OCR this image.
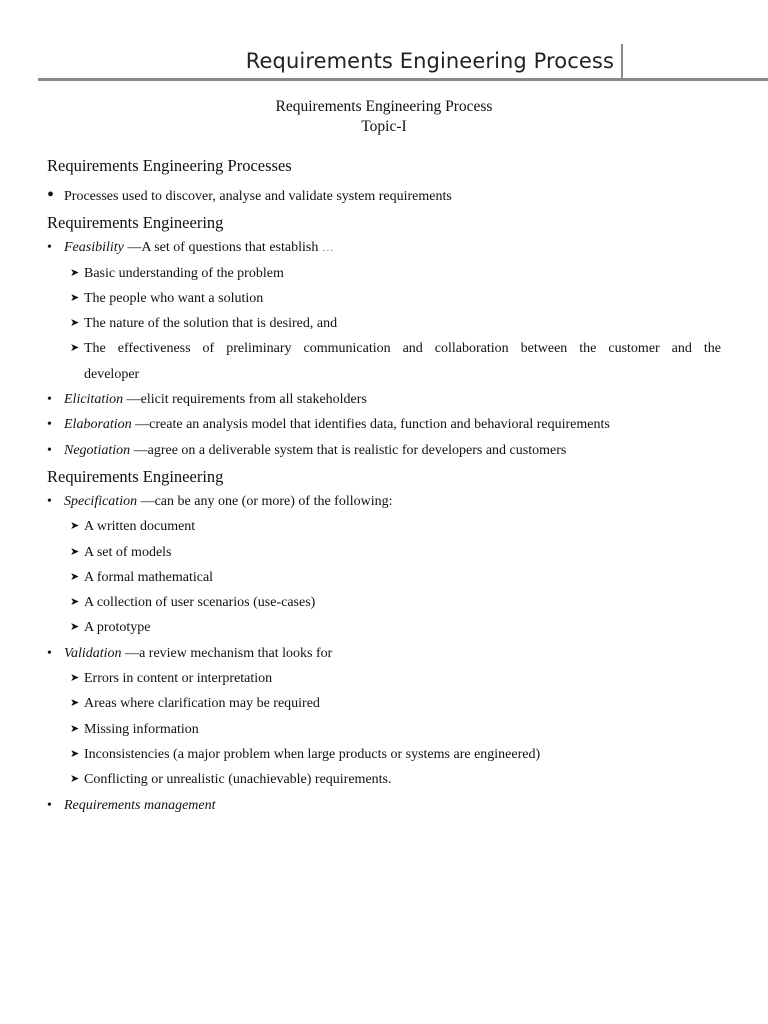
Requirements Engineering Process
Requirements Engineering Process
Topic-I
Requirements Engineering Processes
• Processes used to discover, analyse and validate system requirements
Requirements Engineering
• Feasibility —A set of questions that establish …
➤ Basic understanding of the problem
➤ The people who want a solution
➤ The nature of the solution that is desired, and
➤ The effectiveness of preliminary communication and collaboration between the customer and the
developer
• Elicitation —elicit requirements from all stakeholders
• Elaboration —create an analysis model that identifies data, function and behavioral requirements
• Negotiation —agree on a deliverable system that is realistic for developers and customers
Requirements Engineering
• Specification —can be any one (or more) of the following:
➤ A written document
➤ A set of models
➤ A formal mathematical
➤ A collection of user scenarios (use-cases)
➤ A prototype
• Validation —a review mechanism that looks for
➤ Errors in content or interpretation
➤ Areas where clarification may be required
➤ Missing information
➤ Inconsistencies (a major problem when large products or systems are engineered)
➤ Conflicting or unrealistic (unachievable) requirements.
• Requirements management
